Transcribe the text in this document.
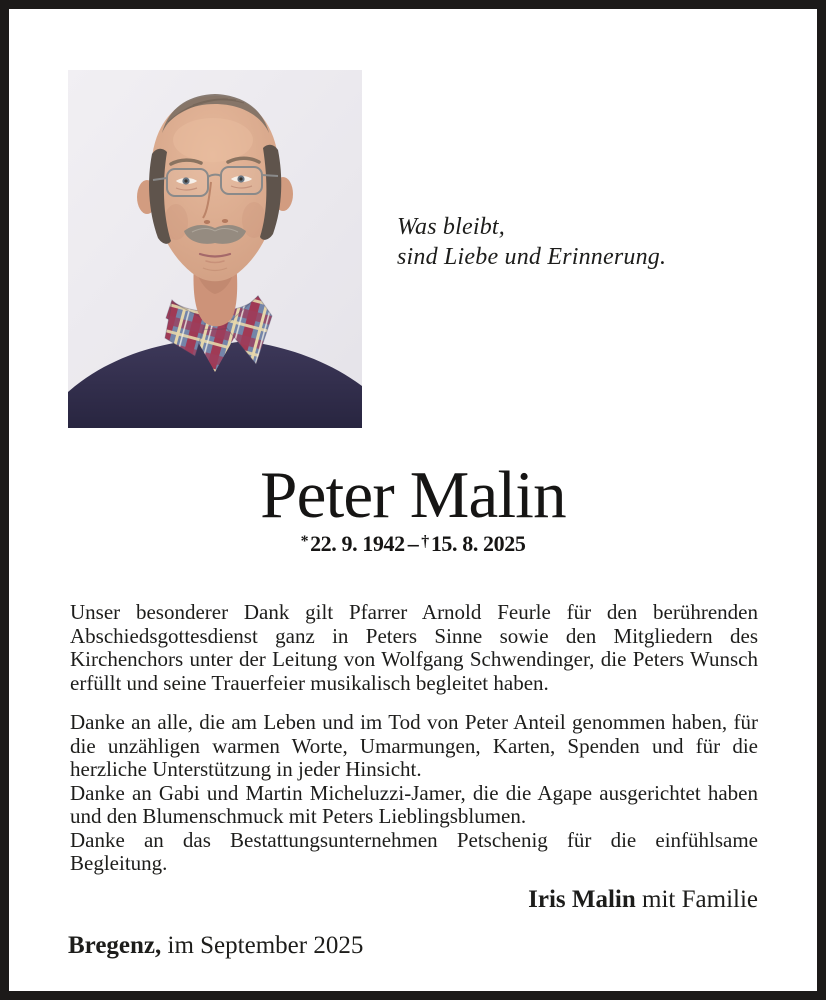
Was bleibt,
sind Liebe und Erinnerung.
Peter Malin
*22. 9. 1942 – †15. 8. 2025

Unser besonderer Dank gilt Pfarrer Arnold Feurle für den berührenden Abschiedsgottesdienst ganz in Peters Sinne sowie den Mitgliedern des Kirchenchors unter der Leitung von Wolfgang Schwendinger, die Peters Wunsch erfüllt und seine Trauerfeier musikalisch begleitet haben.

Danke an alle, die am Leben und im Tod von Peter Anteil genommen haben, für die unzähligen warmen Worte, Umarmungen, Karten, Spenden und für die herzliche Unterstützung in jeder Hinsicht.

Danke an Gabi und Martin Micheluzzi-Jamer, die die Agape ausgerichtet haben und den Blumenschmuck mit Peters Lieblingsblumen.

Danke an das Bestattungsunternehmen Petschenig für die einfühlsame Begleitung.

Iris Malin mit Familie
Bregenz, im September 2025
